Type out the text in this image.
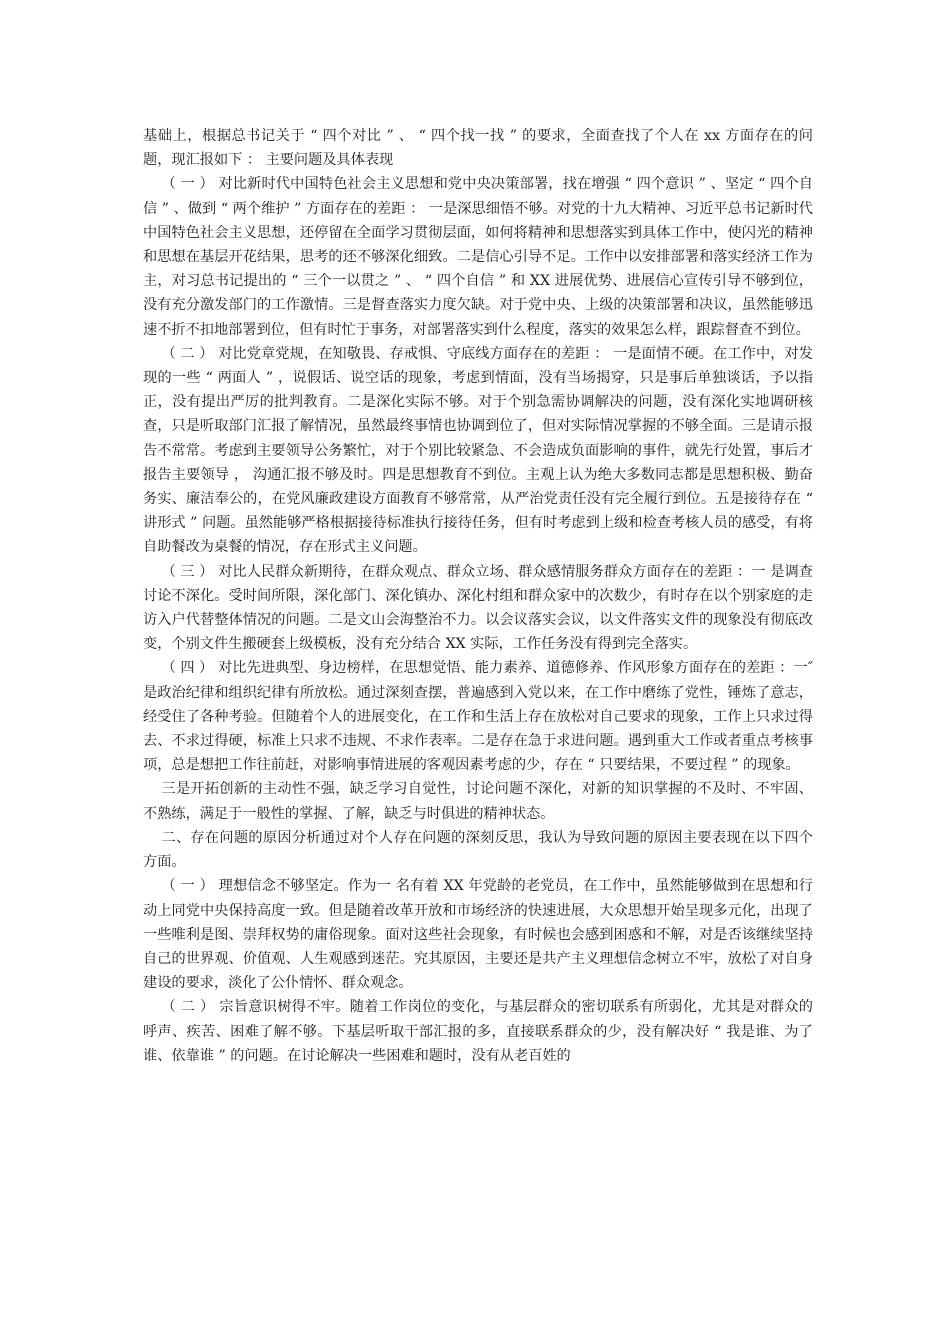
基础上，根据总书记关于 “ 四个对比 ” 、 “ 四个找一找 ” 的要求，全面查找了个人在 xx 方面存在的问题，现汇报如下 ： 主要问题及具体表现

（ 一 ） 对比新时代中国特色社会主义思想和党中央决策部署，找在增强 “ 四个意识 ” 、坚定 “ 四个自信 ” 、做到 “ 两个维护 ” 方面存在的差距 ： 一是深思细悟不够。对党的十九大精神、习近平总书记新时代中国特色社会主义思想，还停留在全面学习贯彻层面，如何将精神和思想落实到具体工作中，使闪光的精神和思想在基层开花结果，思考的还不够深化细致。二是信心引导不足。工作中以安排部署和落实经济工作为主，对习总书记提出的 “ 三个一以贯之 ” 、 “ 四个自信 ” 和 XX 进展优势、进展信心宣传引导不够到位，没有充分激发部门的工作激情。三是督查落实力度欠缺。对于党中央、上级的决策部署和决议，虽然能够迅速不折不扣地部署到位，但有时忙于事务，对部署落实到什么程度，落实的效果怎么样，跟踪督查不到位。

（ 二 ） 对比党章党规，在知敬畏、存戒惧、守底线方面存在的差距 ： 一是面情不硬。在工作中，对发现的一些 “ 两面人 ” ，说假话、说空话的现象，考虑到情面，没有当场揭穿，只是事后单独谈话，予以指正，没有提出严厉的批判教育。二是深化实际不够。对于个别急需协调解决的问题，没有深化实地调研核查，只是听取部门汇报了解情况，虽然最终事情也协调到位了，但对实际情况掌握的不够全面。三是请示报告不常常。考虑到主要领导公务繁忙，对于个别比较紧急、不会造成负面影响的事件，就先行处置，事后才报告主要领导 ， 沟通汇报不够及时。四是思想教育不到位。主观上认为绝大多数同志都是思想积极、勤奋务实、廉洁奉公的，在党风廉政建设方面教育不够常常，从严治党责任没有完全履行到位。五是接待存在 “ 讲形式 ” 问题。虽然能够严格根据接待标准执行接待任务，但有时考虑到上级和检查考核人员的感受，有将自助餐改为桌餐的情况，存在形式主义问题。

（ 三 ） 对比人民群众新期待，在群众观点、群众立场、群众感情服务群众方面存在的差距 ：一 是调查讨论不深化。受时间所限，深化部门、深化镇办、深化村组和群众家中的次数少，有时存在以个别家庭的走访入户代替整体情况的问题。二是文山会海整治不力。以会议落实会议，以文件落实文件的现象没有彻底改变，个别文件生搬硬套上级模板，没有充分结合 XX 实际，工作任务没有得到完全落实。

（ 四 ） 对比先进典型、身边榜样，在思想觉悟、能力素养、道德修养、作风形象方面存在的差距 ：一″是政治纪律和组织纪律有所放松。通过深刻查摆，普遍感到入党以来，在工作中磨练了党性，锤炼了意志，经受住了各种考验。但随着个人的进展变化，在工作和生活上存在放松对自己要求的现象，工作上只求过得去、不求过得硬，标准上只求不违规、不求作表率。二是存在急于求进问题。遇到重大工作或者重点考核事项，总是想把工作往前赶，对影响事情进展的客观因素考虑的少，存在 “ 只要结果，不要过程 ” 的现象。

三是开拓创新的主动性不强，缺乏学习自觉性，讨论问题不深化，对新的知识掌握的不及时、不牢固、不熟练，满足于一般性的掌握、了解，缺乏与时俱进的精神状态。

二、存在问题的原因分析通过对个人存在问题的深刻反思，我认为导致问题的原因主要表现在以下四个方面。

（ 一 ） 理想信念不够坚定。作为一 名有着 XX 年党龄的老党员，在工作中，虽然能够做到在思想和行动上同党中央保持高度一致。但是随着改革开放和市场经济的快速进展，大众思想开始呈现多元化，出现了一些唯利是图、崇拜权势的庸俗现象。面对这些社会现象，有时候也会感到困惑和不解，对是否该继续坚持自己的世界观、价值观、人生观感到迷茫。究其原因，主要还是共产主义理想信念树立不牢，放松了对自身建设的要求，淡化了公仆情怀、群众观念。

（ 二 ） 宗旨意识树得不牢。随着工作岗位的变化，与基层群众的密切联系有所弱化，尤其是对群众的呼声、疾苦、困难了解不够。下基层听取干部汇报的多，直接联系群众的少，没有解决好 “ 我是谁、为了谁、依靠谁 ” 的问题。在讨论解决一些困难和题时，没有从老百姓的
